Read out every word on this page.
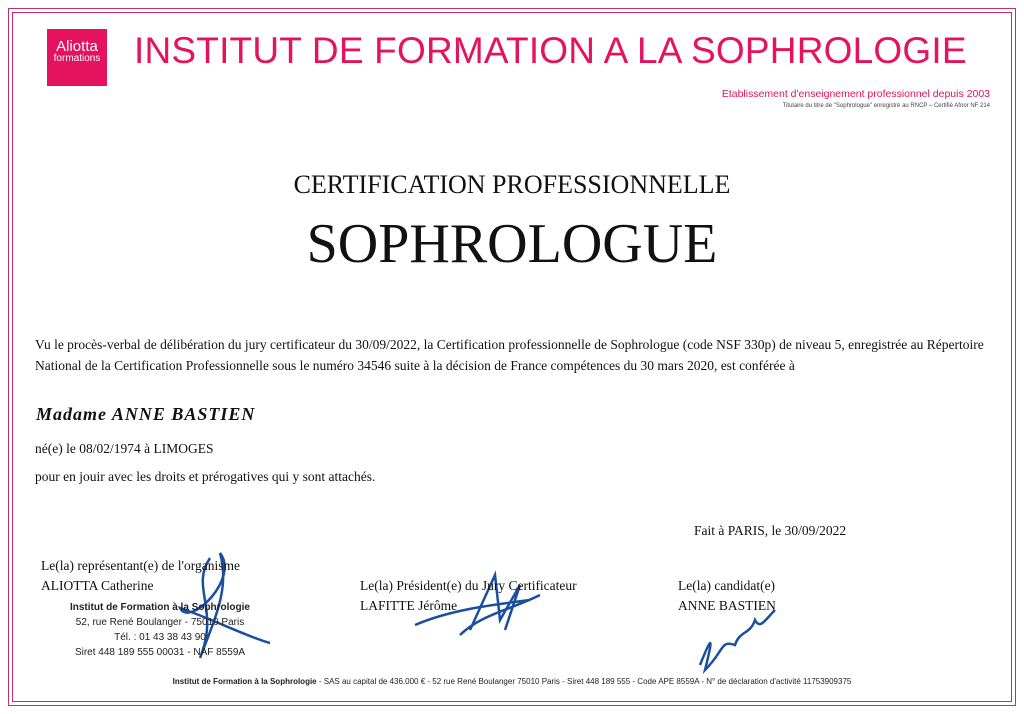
Aliotta
formations INSTITUT DE FORMATION A LA SOPHROLOGIE
Etablissement d'enseignement professionnel depuis 2003
Titulaire du titre de "Sophrologue" enregistré au RNCP – Certifié Afnor NF 214
CERTIFICATION PROFESSIONNELLE
SOPHROLOGUE
Vu le procès-verbal de délibération du jury certificateur du 30/09/2022, la Certification professionnelle de Sophrologue (code NSF 330p) de niveau 5, enregistrée au Répertoire National de la Certification Professionnelle sous le numéro 34546 suite à la décision de France compétences du 30 mars 2020, est conférée à
Madame ANNE BASTIEN
né(e) le 08/02/1974 à LIMOGES
pour en jouir avec les droits et prérogatives qui y sont attachés.
Fait à PARIS, le 30/09/2022
Le(la) représentant(e) de l'organisme
ALIOTTA Catherine
Institut de Formation à la Sophrologie
52, rue René Boulanger - 75010 Paris
Tél. : 01 43 38 43 90
Siret 448 189 555 00031 - NAF 8559A
Le(la) Président(e) du Jury Certificateur
LAFITTE Jérôme
Le(la) candidat(e)
ANNE BASTIEN
Institut de Formation à la Sophrologie - SAS au capital de 436.000 € - 52 rue René Boulanger 75010 Paris - Siret 448 189 555 - Code APE 8559A - N° de déclaration d'activité 11753909375
